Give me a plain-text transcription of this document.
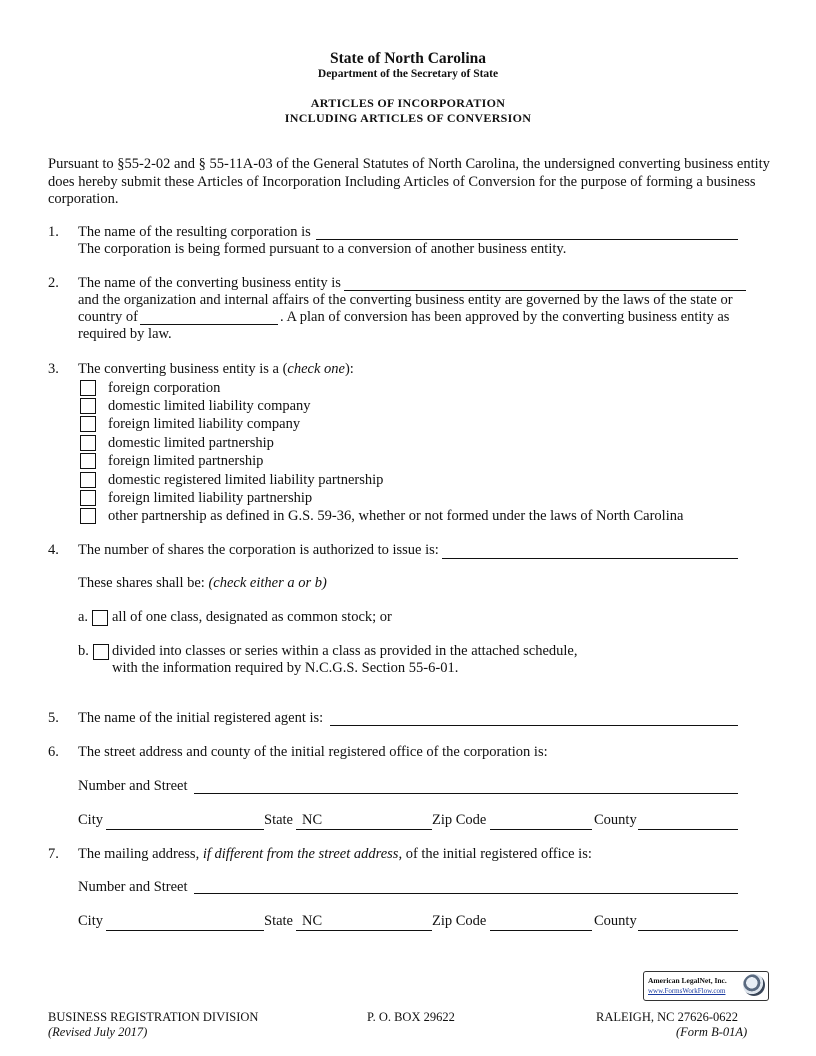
State of North Carolina
Department of the Secretary of State
ARTICLES OF INCORPORATION
INCLUDING ARTICLES OF CONVERSION
Pursuant to §55-2-02 and § 55-11A-03 of the General Statutes of North Carolina, the undersigned converting business entity
does hereby submit these Articles of Incorporation Including Articles of Conversion for the purpose of forming a business
corporation.
1. The name of the resulting corporation is
The corporation is being formed pursuant to a conversion of another business entity.
2. The name of the converting business entity is
and the organization and internal affairs of the converting business entity are governed by the laws of the state or
country of	. A plan of conversion has been approved by the converting business entity as
required by law.
3. The converting business entity is a (check one):
foreign corporation
domestic limited liability company
foreign limited liability company
domestic limited partnership
foreign limited partnership
domestic registered limited liability partnership
foreign limited liability partnership
other partnership as defined in G.S. 59-36, whether or not formed under the laws of North Carolina
4. The number of shares the corporation is authorized to issue is:
These shares shall be: (check either a or b)
a. all of one class, designated as common stock; or
b. divided into classes or series within a class as provided in the attached schedule,
with the information required by N.C.G.S. Section 55-6-01.
5. The name of the initial registered agent is:
6. The street address and county of the initial registered office of the corporation is:
Number and Street
City	State NC	Zip Code	County
7. The mailing address, if different from the street address, of the initial registered office is:
Number and Street
City	State NC	Zip Code	County
American LegalNet, Inc.
www.FormsWorkFlow.com
BUSINESS REGISTRATION DIVISION	P. O. BOX 29622	RALEIGH, NC 27626-0622
(Revised July 2017)	(Form B-01A)
